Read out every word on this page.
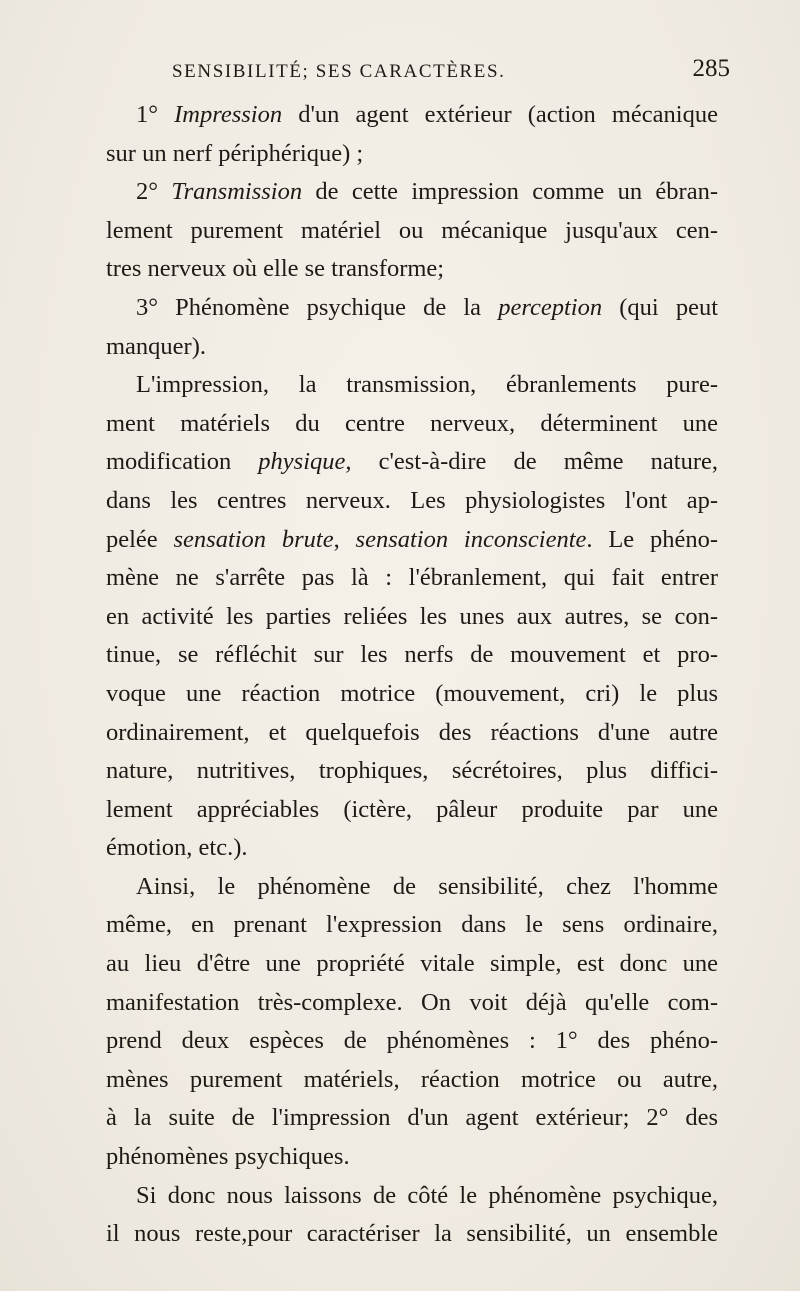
SENSIBILITÉ; SES CARACTÈRES.	285
1° Impression d'un agent extérieur (action mécanique
sur un nerf périphérique) ;
2° Transmission de cette impression comme un ébran-
lement purement matériel ou mécanique jusqu'aux cen-
tres nerveux où elle se transforme;
3° Phénomène psychique de la perception (qui peut
manquer).
L'impression, la transmission, ébranlements pure-
ment matériels du centre nerveux, déterminent une
modification physique, c'est-à-dire de même nature,
dans les centres nerveux. Les physiologistes l'ont ap-
pelée sensation brute, sensation inconsciente. Le phéno-
mène ne s'arrête pas là : l'ébranlement, qui fait entrer
en activité les parties reliées les unes aux autres, se con-
tinue, se réfléchit sur les nerfs de mouvement et pro-
voque une réaction motrice (mouvement, cri) le plus
ordinairement, et quelquefois des réactions d'une autre
nature, nutritives, trophiques, sécrétoires, plus diffici-
lement appréciables (ictère, pâleur produite par une
émotion, etc.).
Ainsi, le phénomène de sensibilité, chez l'homme
même, en prenant l'expression dans le sens ordinaire,
au lieu d'être une propriété vitale simple, est donc une
manifestation très-complexe. On voit déjà qu'elle com-
prend deux espèces de phénomènes : 1° des phéno-
mènes purement matériels, réaction motrice ou autre,
à la suite de l'impression d'un agent extérieur; 2° des
phénomènes psychiques.
Si donc nous laissons de côté le phénomène psychique,
il nous reste,pour caractériser la sensibilité, un ensemble
